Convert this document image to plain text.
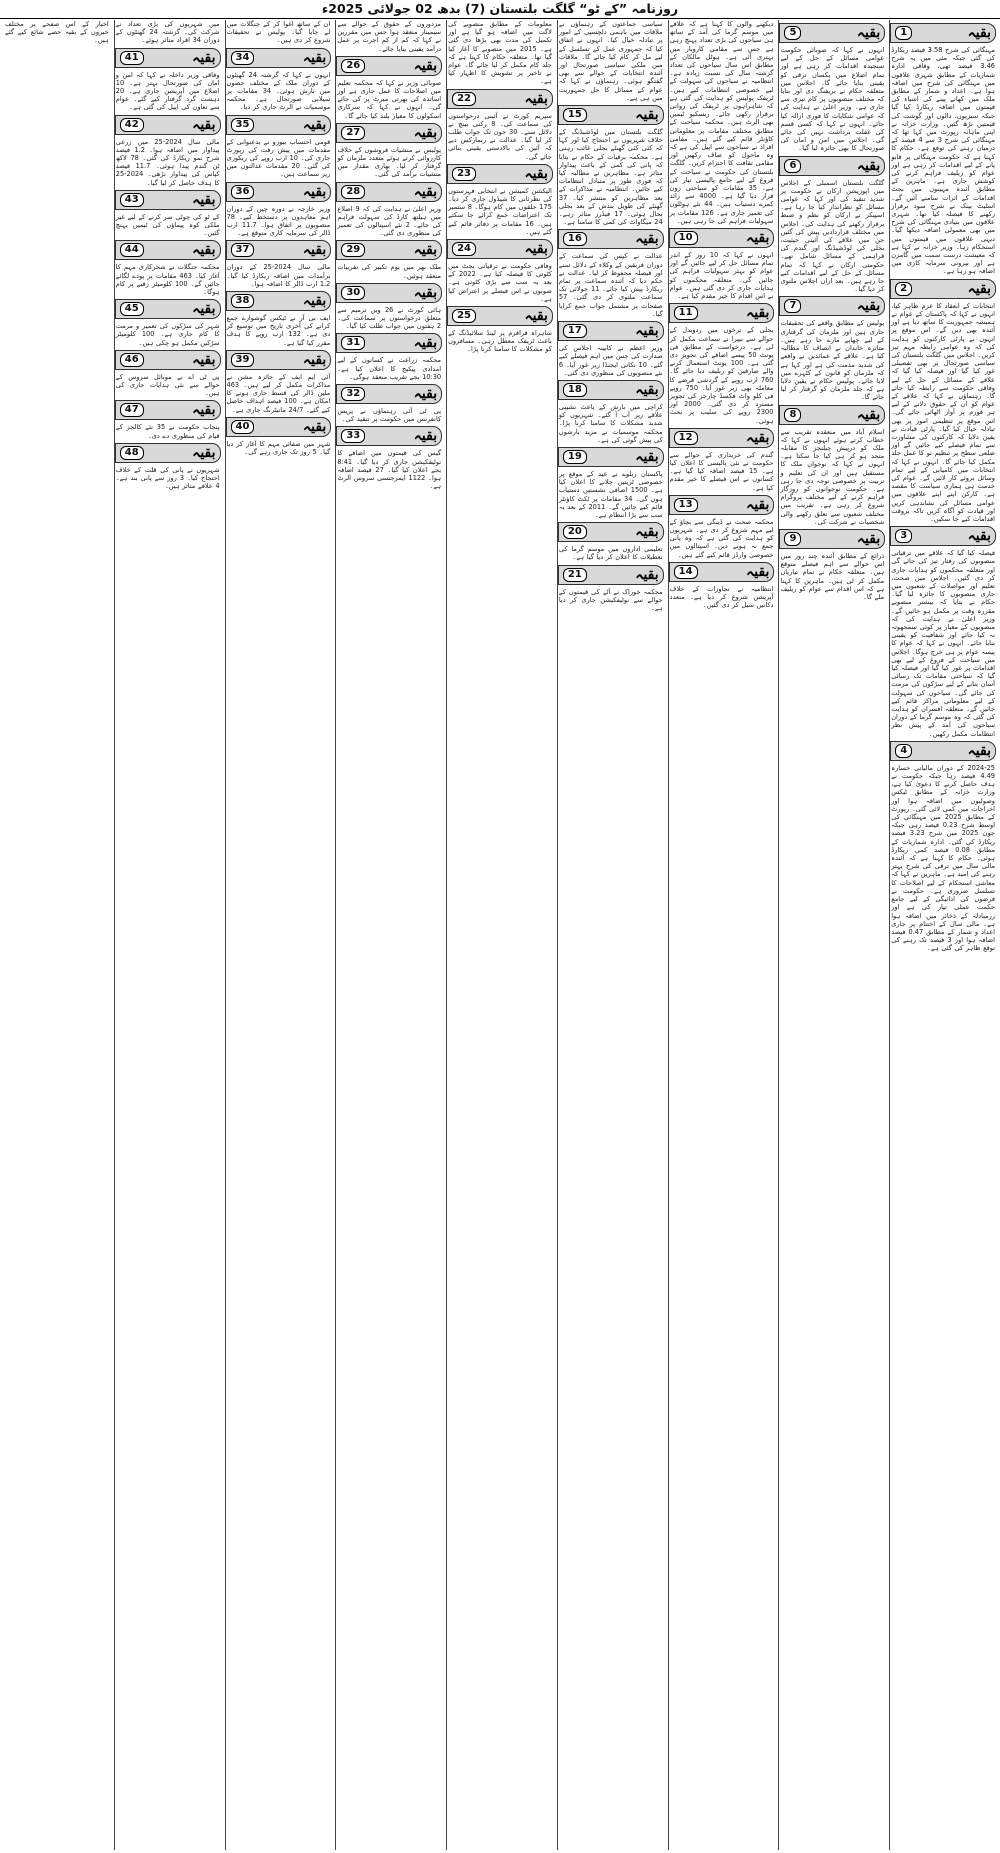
روزنامہ ”کے ٹو“ گلگت بلتستان (7) بدھ 02 جولائی 2025ء
بقیہ
1
مہنگائی کی شرح 3.58 فیصد ریکارڈ کی گئی جبکہ مئی میں یہ شرح 3.46 فیصد تھی، وفاقی ادارہ شماریات کے مطابق شہری علاقوں میں مہنگائی کی شرح میں اضافہ ہوا ہے۔ اعداد و شمار کے مطابق ملک میں کھانے پینے کی اشیاء کی قیمتوں میں اضافہ ریکارڈ کیا گیا جبکہ سبزیوں، دالوں اور گوشت کی قیمتیں بڑھ گئیں۔ وزارت خزانہ نے اپنی ماہانہ رپورٹ میں کہا تھا کہ مہنگائی کی شرح 3 سے 4 فیصد کے درمیان رہنے کی توقع ہے۔ حکام کا کہنا ہے کہ حکومت مہنگائی پر قابو پانے کے لیے اقدامات کر رہی ہے اور عوام کو ریلیف فراہم کرنے کی کوشش جاری ہے۔ ماہرین کے مطابق آئندہ مہینوں میں بجٹ اقدامات کے اثرات سامنے آئیں گے۔ اسٹیٹ بینک نے شرح سود برقرار رکھنے کا فیصلہ کیا تھا۔ شہری علاقوں میں بنیادی مہنگائی کی شرح میں بھی معمولی اضافہ دیکھا گیا۔ دیہی علاقوں میں قیمتوں میں استحکام رہا۔ وزیر خزانہ نے کہا ہے کہ معیشت درست سمت میں گامزن ہے اور بیرونی سرمایہ کاری میں اضافہ ہو رہا ہے۔
بقیہ
2
انتخابات کے انعقاد کا عزم ظاہر کیا، انہوں نے کہا کہ پاکستان کے عوام نے ہمیشہ جمہوریت کا ساتھ دیا ہے اور آئندہ بھی دیں گے۔ اس موقع پر انہوں نے پارٹی کارکنوں کو ہدایت کی کہ وہ عوامی رابطہ مہم تیز کریں۔ اجلاس میں گلگت بلتستان کی سیاسی صورتحال پر بھی تفصیلی غور کیا گیا اور فیصلہ کیا گیا کہ علاقے کے مسائل کے حل کے لیے وفاقی حکومت سے رابطہ کیا جائے گا۔ رہنماؤں نے کہا کہ علاقے کے عوام کو ان کے حقوق دلانے کے لیے ہر فورم پر آواز اٹھائی جائے گی۔ اس موقع پر تنظیمی امور پر بھی تبادلہ خیال کیا گیا۔ پارٹی قیادت نے یقین دلایا کہ کارکنوں کی مشاورت سے تمام فیصلے کیے جائیں گے اور ضلعی سطح پر تنظیم نو کا عمل جلد مکمل کیا جائے گا۔ انہوں نے کہا کہ انتخابات میں کامیابی کے لیے تمام وسائل بروئے کار لائیں گے۔ عوام کی خدمت ہی ہماری سیاست کا مقصد ہے۔ کارکن اپنے اپنے علاقوں میں عوامی مسائل کی نشاندہی کریں اور قیادت کو آگاہ کریں تاکہ بروقت اقدامات کیے جا سکیں۔
بقیہ
3
فیصلہ کیا گیا کہ علاقے میں ترقیاتی منصوبوں کی رفتار تیز کی جائے گی اور متعلقہ محکموں کو ہدایات جاری کر دی گئیں۔ اجلاس میں صحت، تعلیم اور مواصلات کے شعبوں میں جاری منصوبوں کا جائزہ لیا گیا۔ حکام نے بتایا کہ بیشتر منصوبے مقررہ وقت پر مکمل ہو جائیں گے۔ وزیر اعلیٰ نے ہدایت کی کہ منصوبوں کے معیار پر کوئی سمجھوتہ نہ کیا جائے اور شفافیت کو یقینی بنایا جائے۔ انہوں نے کہا کہ عوام کا پیسہ عوام پر ہی خرچ ہوگا۔ اجلاس میں سیاحت کے فروغ کے لیے بھی اقدامات پر غور کیا گیا اور فیصلہ کیا گیا کہ سیاحتی مقامات تک رسائی آسان بنانے کے لیے سڑکوں کی مرمت کی جائے گی۔ سیاحوں کی سہولت کے لیے معلوماتی مراکز قائم کیے جائیں گے۔ متعلقہ افسران کو ہدایت کی گئی کہ وہ موسم گرما کے دوران سیاحوں کی آمد کے پیش نظر انتظامات مکمل رکھیں۔
بقیہ
4
2024-25 کے دوران مالیاتی خسارہ 4.49 فیصد رہا جبکہ حکومت نے ہدف حاصل کرنے کا دعویٰ کیا ہے، وزارت خزانہ کے مطابق ٹیکس وصولیوں میں اضافہ ہوا اور اخراجات میں کمی لائی گئی۔ رپورٹ کے مطابق 2025 میں مہنگائی کی اوسط شرح 0.23 فیصد رہی جبکہ جون 2025 میں شرح 3.23 فیصد ریکارڈ کی گئی۔ ادارہ شماریات کے مطابق 0.08 فیصد کمی ریکارڈ ہوئی۔ حکام کا کہنا ہے کہ آئندہ مالی سال میں ترقی کی شرح بہتر رہنے کی امید ہے۔ ماہرین نے کہا کہ معاشی استحکام کے لیے اصلاحات کا تسلسل ضروری ہے۔ حکومت نے قرضوں کی ادائیگی کے لیے جامع حکمت عملی تیار کی ہے اور زرمبادلہ کے ذخائر میں اضافہ ہوا ہے۔ مالی سال کے اختتام پر جاری اعداد و شمار کے مطابق 0.47 فیصد اضافہ ہوا اور 3 فیصد تک رہنے کی توقع ظاہر کی گئی ہے۔
بقیہ
5
انہوں نے کہا کہ صوبائی حکومت عوامی مسائل کے حل کے لیے سنجیدہ اقدامات کر رہی ہے اور تمام اضلاع میں یکساں ترقی کو یقینی بنایا جائے گا۔ اجلاس میں متعلقہ حکام نے بریفنگ دی اور بتایا کہ مختلف منصوبوں پر کام تیزی سے جاری ہے۔ وزیر اعلیٰ نے ہدایت کی کہ عوامی شکایات کا فوری ازالہ کیا جائے۔ انہوں نے کہا کہ کسی قسم کی غفلت برداشت نہیں کی جائے گی۔ اجلاس میں امن و امان کی صورتحال کا بھی جائزہ لیا گیا۔
بقیہ
6
گلگت بلتستان اسمبلی کے اجلاس میں اپوزیشن ارکان نے حکومت پر شدید تنقید کی اور کہا کہ عوامی مسائل کو نظرانداز کیا جا رہا ہے۔ اسپیکر نے ارکان کو نظم و ضبط برقرار رکھنے کی ہدایت کی۔ اجلاس میں مختلف قراردادیں پیش کی گئیں جن میں علاقے کی آئینی حیثیت، بجلی کی لوڈشیڈنگ اور گندم کی فراہمی کے مسائل شامل تھے۔ حکومتی ارکان نے کہا کہ تمام مسائل کے حل کے لیے اقدامات کیے جا رہے ہیں۔ بعد ازاں اجلاس ملتوی کر دیا گیا۔
بقیہ
7
پولیس کے مطابق واقعے کی تحقیقات جاری ہیں اور ملزمان کی گرفتاری کے لیے چھاپے مارے جا رہے ہیں۔ متاثرہ خاندان نے انصاف کا مطالبہ کیا ہے۔ علاقے کے عمائدین نے واقعے کی شدید مذمت کی ہے اور کہا ہے کہ ملزمان کو قانون کے کٹہرے میں لایا جائے۔ پولیس حکام نے یقین دلایا ہے کہ جلد ملزمان کو گرفتار کر لیا جائے گا۔
بقیہ
8
اسلام آباد میں منعقدہ تقریب سے خطاب کرتے ہوئے انہوں نے کہا کہ ملک کو درپیش چیلنجز کا مقابلہ متحد ہو کر ہی کیا جا سکتا ہے۔ انہوں نے کہا کہ نوجوان ملک کا مستقبل ہیں اور ان کی تعلیم و تربیت پر خصوصی توجہ دی جا رہی ہے۔ حکومت نوجوانوں کو روزگار فراہم کرنے کے لیے مختلف پروگرام شروع کر رہی ہے۔ تقریب میں مختلف شعبوں سے تعلق رکھنے والی شخصیات نے شرکت کی۔
بقیہ
9
ذرائع کے مطابق آئندہ چند روز میں اس حوالے سے اہم فیصلے متوقع ہیں۔ متعلقہ حکام نے تمام تیاریاں مکمل کر لی ہیں۔ ماہرین کا کہنا ہے کہ اس اقدام سے عوام کو ریلیف ملے گا۔
دیکھنے والوں کا کہنا ہے کہ علاقے میں موسم گرما کی آمد کے ساتھ ہی سیاحوں کی بڑی تعداد پہنچ رہی ہے جس سے مقامی کاروبار میں بہتری آئی ہے۔ ہوٹل مالکان کے مطابق اس سال سیاحوں کی تعداد گزشتہ سال کی نسبت زیادہ ہے۔ انتظامیہ نے سیاحوں کی سہولت کے لیے خصوصی انتظامات کیے ہیں۔ ٹریفک پولیس کو ہدایت کی گئی ہے کہ شاہراہوں پر ٹریفک کی روانی برقرار رکھی جائے۔ ریسکیو ٹیمیں بھی الرٹ ہیں۔ محکمہ سیاحت کے مطابق مختلف مقامات پر معلوماتی کاؤنٹر قائم کیے گئے ہیں۔ مقامی افراد نے سیاحوں سے اپیل کی ہے کہ وہ ماحول کو صاف رکھیں اور مقامی ثقافت کا احترام کریں۔ گلگت بلتستان کی حکومت نے سیاحت کے فروغ کے لیے جامع پالیسی تیار کی ہے۔ 35 مقامات کو سیاحتی زون قرار دیا گیا ہے۔ 4000 سے زائد کمرے دستیاب ہیں۔ 44 نئے ہوٹلوں کی تعمیر جاری ہے۔ 126 مقامات پر سہولیات فراہم کی جا رہی ہیں۔
بقیہ
10
انہوں نے کہا کہ 10 روز کے اندر تمام مسائل حل کر لیے جائیں گے اور عوام کو بہتر سہولیات فراہم کی جائیں گی۔ متعلقہ محکموں کو ہدایات جاری کر دی گئی ہیں۔ عوام نے اس اقدام کا خیر مقدم کیا ہے۔
بقیہ
11
بجلی کے نرخوں میں ردوبدل کے حوالے سے نیپرا نے سماعت مکمل کر لی ہے۔ درخواست کے مطابق فی یونٹ 50 پیسے اضافے کی تجویز دی گئی ہے۔ 100 یونٹ استعمال کرنے والے صارفین کو ریلیف دیا جائے گا۔ 760 ارب روپے کے گردشی قرضے کا معاملہ بھی زیر غور آیا۔ 750 روپے فی کلو واٹ فکسڈ چارجز کی تجویز مسترد کر دی گئی۔ 2000 اور 2300 روپے کی سلیب پر بحث ہوئی۔
بقیہ
12
گندم کی خریداری کے حوالے سے حکومت نے نئی پالیسی کا اعلان کیا ہے۔ 15 فیصد اضافہ کیا گیا ہے۔ کسانوں نے اس فیصلے کا خیر مقدم کیا ہے۔
بقیہ
13
محکمہ صحت نے ڈینگی سے بچاؤ کے لیے مہم شروع کر دی ہے۔ شہریوں کو ہدایت کی گئی ہے کہ وہ پانی جمع نہ ہونے دیں۔ اسپتالوں میں خصوصی وارڈز قائم کیے گئے ہیں۔
بقیہ
14
انتظامیہ نے تجاوزات کے خلاف آپریشن شروع کر دیا ہے۔ متعدد دکانیں سیل کر دی گئیں۔
سیاسی جماعتوں کے رہنماؤں نے ملاقات میں باہمی دلچسپی کے امور پر تبادلہ خیال کیا۔ انہوں نے اتفاق کیا کہ جمہوری عمل کے تسلسل کے لیے مل کر کام کیا جائے گا۔ ملاقات میں ملکی سیاسی صورتحال اور آئندہ انتخابات کے حوالے سے بھی گفتگو ہوئی۔ رہنماؤں نے کہا کہ عوام کے مسائل کا حل جمہوریت میں ہی ہے۔
بقیہ
15
گلگت بلتستان میں لوڈشیڈنگ کے خلاف شہریوں نے احتجاج کیا اور کہا کہ کئی کئی گھنٹے بجلی غائب رہتی ہے۔ محکمہ برقیات کے حکام نے بتایا کہ پانی کی کمی کے باعث پیداوار متاثر ہے۔ مظاہرین نے مطالبہ کیا کہ فوری طور پر متبادل انتظامات کیے جائیں۔ انتظامیہ نے مذاکرات کے بعد مظاہرین کو منتشر کیا۔ 37 گھنٹے کی طویل بندش کے بعد بجلی بحال ہوئی۔ 17 فیڈرز متاثر رہے۔ 24 میگاواٹ کی کمی کا سامنا ہے۔
بقیہ
16
عدالت نے کیس کی سماعت کے دوران فریقین کے وکلاء کے دلائل سنے اور فیصلہ محفوظ کر لیا۔ عدالت نے حکم دیا کہ آئندہ سماعت پر تمام ریکارڈ پیش کیا جائے۔ 11 جولائی تک سماعت ملتوی کر دی گئی۔ 57 صفحات پر مشتمل جواب جمع کرایا گیا۔
بقیہ
17
وزیر اعظم نے کابینہ اجلاس کی صدارت کی جس میں اہم فیصلے کیے گئے۔ 10 نکاتی ایجنڈا زیر غور آیا۔ 6 نئے منصوبوں کی منظوری دی گئی۔
بقیہ
18
کراچی میں بارش کے باعث نشیبی علاقے زیر آب آ گئے۔ شہریوں کو شدید مشکلات کا سامنا کرنا پڑا۔ محکمہ موسمیات نے مزید بارشوں کی پیش گوئی کی ہے۔
بقیہ
19
پاکستان ریلوے نے عید کے موقع پر خصوصی ٹرینیں چلانے کا اعلان کیا ہے۔ 1500 اضافی نشستیں دستیاب ہوں گی۔ 34 مقامات پر ٹکٹ کاؤنٹر قائم کیے جائیں گے۔ 2011 کے بعد یہ سب سے بڑا انتظام ہے۔
بقیہ
20
تعلیمی اداروں میں موسم گرما کی تعطیلات کا اعلان کر دیا گیا ہے۔
بقیہ
21
محکمہ خوراک نے آٹے کی قیمتوں کے حوالے سے نوٹیفکیشن جاری کر دیا ہے۔
معلومات کے مطابق منصوبے کی لاگت میں اضافہ ہو گیا ہے اور تکمیل کی مدت بھی بڑھا دی گئی ہے۔ 2015 میں منصوبے کا آغاز کیا گیا تھا۔ متعلقہ حکام کا کہنا ہے کہ جلد کام مکمل کر لیا جائے گا۔ عوام نے تاخیر پر تشویش کا اظہار کیا ہے۔
بقیہ
22
سپریم کورٹ نے آئینی درخواستوں کی سماعت کی۔ 8 رکنی بینچ نے دلائل سنے۔ 30 جون تک جواب طلب کر لیا گیا۔ عدالت نے ریمارکس دیے کہ آئین کی بالادستی یقینی بنائی جائے گی۔
بقیہ
23
الیکشن کمیشن نے انتخابی فہرستوں کی نظرثانی کا شیڈول جاری کر دیا۔ 175 حلقوں میں کام ہوگا۔ 8 ستمبر تک اعتراضات جمع کرائے جا سکتے ہیں۔ 16 مقامات پر دفاتر قائم کیے گئے ہیں۔
بقیہ
24
وفاقی حکومت نے ترقیاتی بجٹ میں کٹوتی کا فیصلہ کیا ہے۔ 2022 کے بعد یہ سب سے بڑی کٹوتی ہے۔ صوبوں نے اس فیصلے پر اعتراض کیا ہے۔
بقیہ
25
شاہراہ قراقرم پر لینڈ سلائیڈنگ کے باعث ٹریفک معطل رہی۔ مسافروں کو مشکلات کا سامنا کرنا پڑا۔
مزدوروں کے حقوق کے حوالے سے سیمینار منعقد ہوا جس میں مقررین نے کہا کہ کم از کم اجرت پر عمل درآمد یقینی بنایا جائے۔
بقیہ
26
صوبائی وزیر نے کہا کہ محکمہ تعلیم میں اصلاحات کا عمل جاری ہے اور اساتذہ کی بھرتی میرٹ پر کی جائے گی۔ انہوں نے کہا کہ سرکاری اسکولوں کا معیار بلند کیا جائے گا۔
بقیہ
27
پولیس نے منشیات فروشوں کے خلاف کارروائی کرتے ہوئے متعدد ملزمان کو گرفتار کر لیا۔ بھاری مقدار میں منشیات برآمد کی گئی۔
بقیہ
28
وزیر اعلیٰ نے ہدایت کی کہ 9 اضلاع میں ہیلتھ کارڈ کی سہولت فراہم کی جائے۔ 2 نئے اسپتالوں کی تعمیر کی منظوری دی گئی۔
بقیہ
29
ملک بھر میں یوم تکبیر کی تقریبات منعقد ہوئیں۔
بقیہ
30
ہائی کورٹ نے 26 ویں ترمیم سے متعلق درخواستوں پر سماعت کی۔ 2 ہفتوں میں جواب طلب کیا گیا۔
بقیہ
31
محکمہ زراعت نے کسانوں کے لیے امدادی پیکیج کا اعلان کیا ہے۔ 10:30 بجے تقریب منعقد ہوگی۔
بقیہ
32
پی ٹی آئی رہنماؤں نے پریس کانفرنس میں حکومت پر تنقید کی۔
بقیہ
33
گیس کی قیمتوں میں اضافے کا نوٹیفکیشن جاری کر دیا گیا۔ 8:41 بجے اعلان کیا گیا۔ 27 فیصد اضافہ ہوا۔ 1122 ایمرجنسی سروس الرٹ ہے۔
ان کے ساتھ اغوا کر کے جنگلات میں لے جایا گیا۔ پولیس نے تحقیقات شروع کر دی ہیں۔
بقیہ
34
انہوں نے کہا کہ گزشتہ 24 گھنٹوں کے دوران ملک کے مختلف حصوں میں بارش ہوئی۔ 34 مقامات پر سیلابی صورتحال ہے۔ محکمہ موسمیات نے الرٹ جاری کر دیا۔
بقیہ
35
قومی احتساب بیورو نے بدعنوانی کے مقدمات میں پیش رفت کی رپورٹ جاری کی۔ 10 ارب روپے کی ریکوری کی گئی۔ 20 مقدمات عدالتوں میں زیر سماعت ہیں۔
بقیہ
36
وزیر خارجہ نے دورہ چین کے دوران اہم معاہدوں پر دستخط کیے۔ 78 منصوبوں پر اتفاق ہوا۔ 11.7 ارب ڈالر کی سرمایہ کاری متوقع ہے۔
بقیہ
37
مالی سال 2024-25 کے دوران برآمدات میں اضافہ ریکارڈ کیا گیا۔ 1.2 ارب ڈالر کا اضافہ ہوا۔
بقیہ
38
ایف بی آر نے ٹیکس گوشوارے جمع کرانے کی آخری تاریخ میں توسیع کر دی ہے۔ 132 ارب روپے کا ہدف مقرر کیا گیا ہے۔
بقیہ
39
آئی ایم ایف کے جائزہ مشن نے مذاکرات مکمل کر لیے ہیں۔ 463 ملین ڈالر کی قسط جاری ہونے کا امکان ہے۔ 100 فیصد اہداف حاصل کیے گئے۔ 24/7 مانیٹرنگ جاری ہے۔
بقیہ
40
شہر میں صفائی مہم کا آغاز کر دیا گیا۔ 5 روز تک جاری رہے گی۔
میں شہریوں کی بڑی تعداد نے شرکت کی۔ گزشتہ 24 گھنٹوں کے دوران 34 افراد متاثر ہوئے۔
بقیہ
41
وفاقی وزیر داخلہ نے کہا کہ امن و امان کی صورتحال بہتر ہے۔ 10 اضلاع میں آپریشن جاری ہے۔ 20 دہشت گرد گرفتار کیے گئے۔ عوام سے تعاون کی اپیل کی گئی ہے۔
بقیہ
42
مالی سال 2024-25 میں زرعی پیداوار میں اضافہ ہوا۔ 1.2 فیصد شرح نمو ریکارڈ کی گئی۔ 78 لاکھ ٹن گندم پیدا ہوئی۔ 11.7 فیصد کپاس کی پیداوار بڑھی۔ 2024-25 کا ہدف حاصل کر لیا گیا۔
بقیہ
43
کے ٹو کی چوٹی سر کرنے کے لیے غیر ملکی کوہ پیماؤں کی ٹیمیں پہنچ گئیں۔
بقیہ
44
محکمہ جنگلات نے شجرکاری مہم کا آغاز کیا۔ 463 مقامات پر پودے لگائے جائیں گے۔ 100 کلومیٹر رقبے پر کام ہوگا۔
بقیہ
45
شہر کی سڑکوں کی تعمیر و مرمت کا کام جاری ہے۔ 100 کلومیٹر سڑکیں مکمل ہو چکی ہیں۔
بقیہ
46
پی ٹی اے نے موبائل سروس کے حوالے سے نئی ہدایات جاری کی ہیں۔
بقیہ
47
پنجاب حکومت نے 35 نئے کالجز کے قیام کی منظوری دے دی۔
بقیہ
48
شہریوں نے پانی کی قلت کے خلاف احتجاج کیا۔ 3 روز سے پانی بند ہے۔ 4 علاقے متاثر ہیں۔
اخبار کے اس صفحے پر مختلف خبروں کے بقیہ حصے شائع کیے گئے ہیں۔
